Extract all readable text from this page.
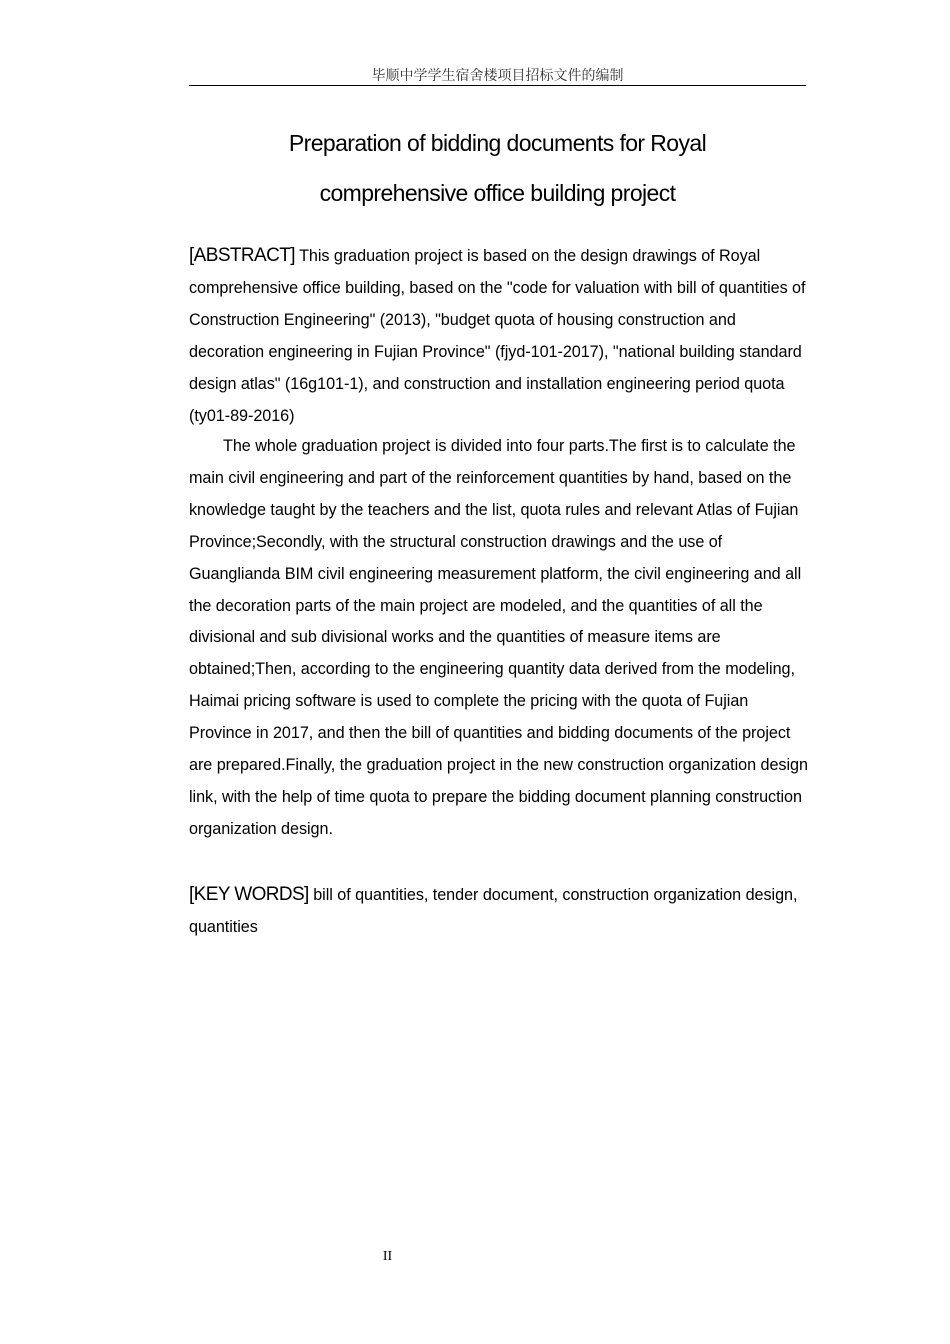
毕顺中学学生宿舍楼项目招标文件的编制
Preparation of bidding documents for Royal
comprehensive office building project

[ABSTRACT] This graduation project is based on the design drawings of Royal comprehensive office building, based on the "code for valuation with bill of quantities of Construction Engineering" (2013), "budget quota of housing construction and decoration engineering in Fujian Province" (fjyd-101-2017), "national building standard design atlas" (16g101-1), and construction and installation engineering period quota (ty01-89-2016)

The whole graduation project is divided into four parts.The first is to calculate the main civil engineering and part of the reinforcement quantities by hand, based on the knowledge taught by the teachers and the list, quota rules and relevant Atlas of Fujian Province;Secondly, with the structural construction drawings and the use of Guanglianda BIM civil engineering measurement platform, the civil engineering and all the decoration parts of the main project are modeled, and the quantities of all the divisional and sub divisional works and the quantities of measure items are obtained;Then, according to the engineering quantity data derived from the modeling, Haimai pricing software is used to complete the pricing with the quota of Fujian Province in 2017, and then the bill of quantities and bidding documents of the project are prepared.Finally, the graduation project in the new construction organization design link, with the help of time quota to prepare the bidding document planning construction organization design.

[KEY WORDS] bill of quantities, tender document, construction organization design, quantities

II
